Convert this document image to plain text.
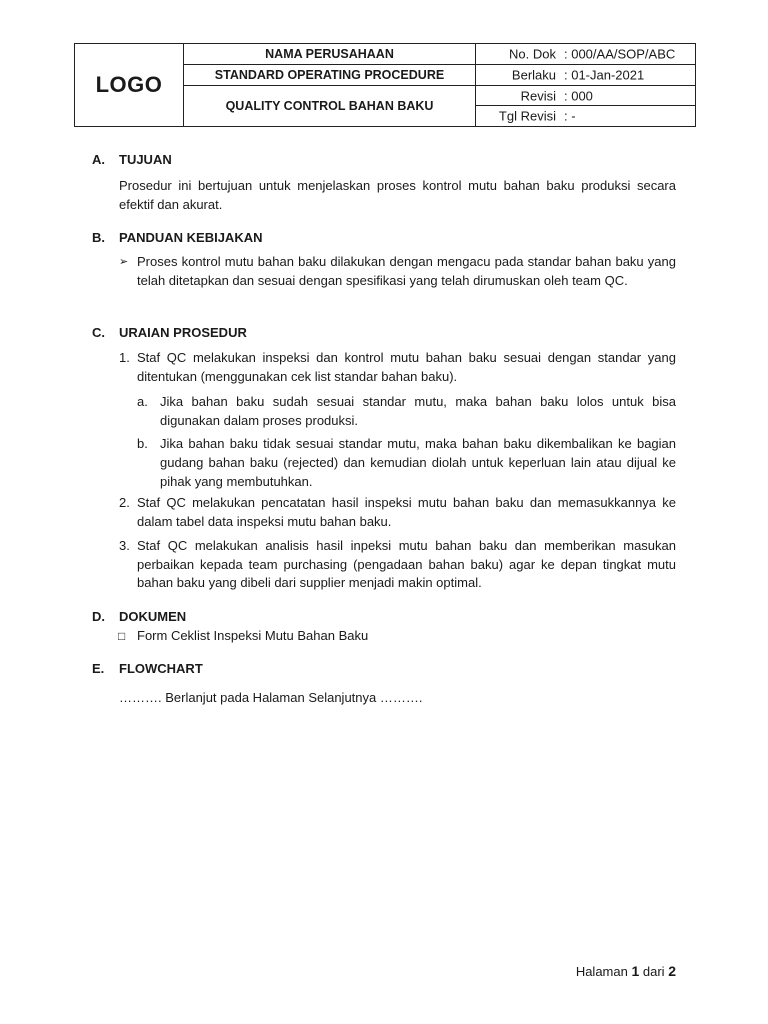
LOGO	NAMA PERUSAHAAN	No. Dok : 000/AA/SOP/ABC

	STANDARD OPERATING PROCEDURE	Berlaku : 01-Jan-2021

	QUALITY CONTROL BAHAN BAKU	Revisi : 000

		Tgl Revisi : -
A. TUJUAN
Prosedur ini bertujuan untuk menjelaskan proses kontrol mutu bahan baku produksi secara efektif dan akurat.
B. PANDUAN KEBIJAKAN
➢ Proses kontrol mutu bahan baku dilakukan dengan mengacu pada standar bahan baku yang telah ditetapkan dan sesuai dengan spesifikasi yang telah dirumuskan oleh team QC.
C. URAIAN PROSEDUR
1. Staf QC melakukan inspeksi dan kontrol mutu bahan baku sesuai dengan standar yang ditentukan (menggunakan cek list standar bahan baku).
a. Jika bahan baku sudah sesuai standar mutu, maka bahan baku lolos untuk bisa digunakan dalam proses produksi.
b. Jika bahan baku tidak sesuai standar mutu, maka bahan baku dikembalikan ke bagian gudang bahan baku (rejected) dan kemudian diolah untuk keperluan lain atau dijual ke pihak yang membutuhkan.
2. Staf QC melakukan pencatatan hasil inspeksi mutu bahan baku dan memasukkannya ke dalam tabel data inspeksi mutu bahan baku.
3. Staf QC melakukan analisis hasil inpeksi mutu bahan baku dan memberikan masukan perbaikan kepada team purchasing (pengadaan bahan baku) agar ke depan tingkat mutu bahan baku yang dibeli dari supplier menjadi makin optimal.
D. DOKUMEN
□ Form Ceklist Inspeksi Mutu Bahan Baku
E. FLOWCHART
………. Berlanjut pada Halaman Selanjutnya ……….
Halaman 1 dari 2
